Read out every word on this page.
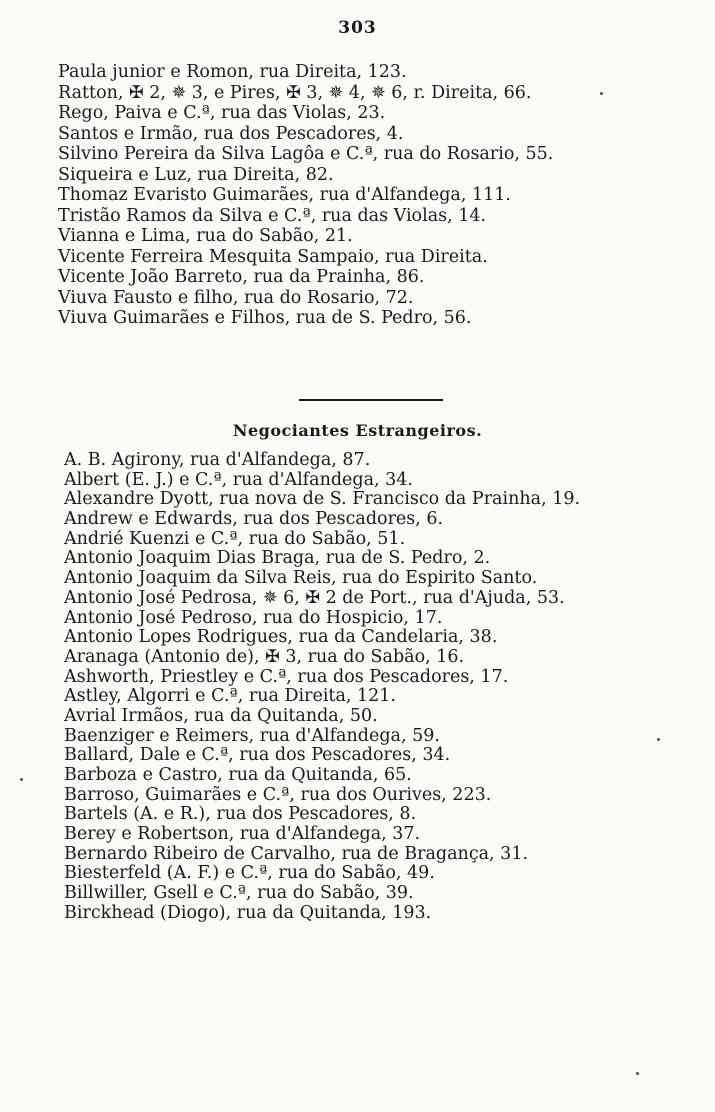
303
Paula junior e Romon, rua Direita, 123.
Ratton, ✠ 2, ✵ 3, e Pires, ✠ 3, ✵ 4, ✵ 6, r. Direita, 66.
Rego, Paiva e C.ª, rua das Violas, 23.
Santos e Irmão, rua dos Pescadores, 4.
Silvino Pereira da Silva Lagôa e C.ª, rua do Rosario, 55.
Siqueira e Luz, rua Direita, 82.
Thomaz Evaristo Guimarães, rua d'Alfandega, 111.
Tristão Ramos da Silva e C.ª, rua das Violas, 14.
Vianna e Lima, rua do Sabão, 21.
Vicente Ferreira Mesquita Sampaio, rua Direita.
Vicente João Barreto, rua da Prainha, 86.
Viuva Fausto e filho, rua do Rosario, 72.
Viuva Guimarães e Filhos, rua de S. Pedro, 56.
Negociantes Estrangeiros.
A. B. Agirony, rua d'Alfandega, 87.
Albert (E. J.) e C.ª, rua d'Alfandega, 34.
Alexandre Dyott, rua nova de S. Francisco da Prainha, 19.
Andrew e Edwards, rua dos Pescadores, 6.
Andrié Kuenzi e C.ª, rua do Sabão, 51.
Antonio Joaquim Dias Braga, rua de S. Pedro, 2.
Antonio Joaquim da Silva Reis, rua do Espirito Santo.
Antonio José Pedrosa, ✵ 6, ✠ 2 de Port., rua d'Ajuda, 53.
Antonio José Pedroso, rua do Hospicio, 17.
Antonio Lopes Rodrigues, rua da Candelaria, 38.
Aranaga (Antonio de), ✠ 3, rua do Sabão, 16.
Ashworth, Priestley e C.ª, rua dos Pescadores, 17.
Astley, Algorri e C.ª, rua Direita, 121.
Avrial Irmãos, rua da Quitanda, 50.
Baenziger e Reimers, rua d'Alfandega, 59.
Ballard, Dale e C.ª, rua dos Pescadores, 34.
Barboza e Castro, rua da Quitanda, 65.
Barroso, Guimarães e C.ª, rua dos Ourives, 223.
Bartels (A. e R.), rua dos Pescadores, 8.
Berey e Robertson, rua d'Alfandega, 37.
Bernardo Ribeiro de Carvalho, rua de Bragança, 31.
Biesterfeld (A. F.) e C.ª, rua do Sabão, 49.
Billwiller, Gsell e C.ª, rua do Sabão, 39.
Birckhead (Diogo), rua da Quitanda, 193.
